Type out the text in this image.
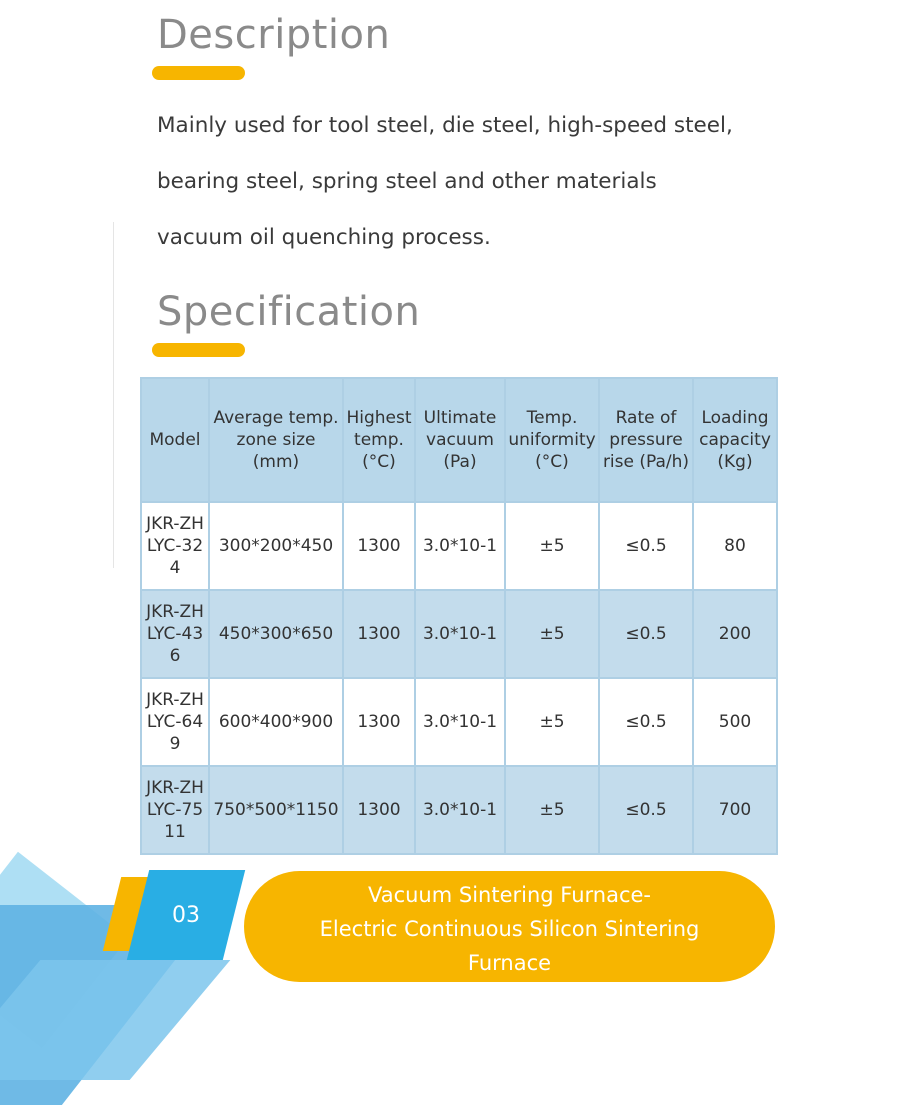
Description

Mainly used for tool steel, die steel, high-speed steel,

bearing steel, spring steel and other materials

vacuum oil quenching process.

Specification
Model	Average temp. zone size (mm)	Highest temp. (°C)	Ultimate vacuum (Pa)	Temp. uniformity (°C)	Rate of pressure rise (Pa/h)	Loading capacity (Kg)
JKR-ZHLYC-324	300*200*450	1300	3.0*10-1	±5	≤0.5	80
JKR-ZHLYC-436	450*300*650	1300	3.0*10-1	±5	≤0.5	200
JKR-ZHLYC-649	600*400*900	1300	3.0*10-1	±5	≤0.5	500
JKR-ZHLYC-7511	750*500*1150	1300	3.0*10-1	±5	≤0.5	700
03
Vacuum Sintering Furnace-
Electric Continuous Silicon Sintering
Furnace
